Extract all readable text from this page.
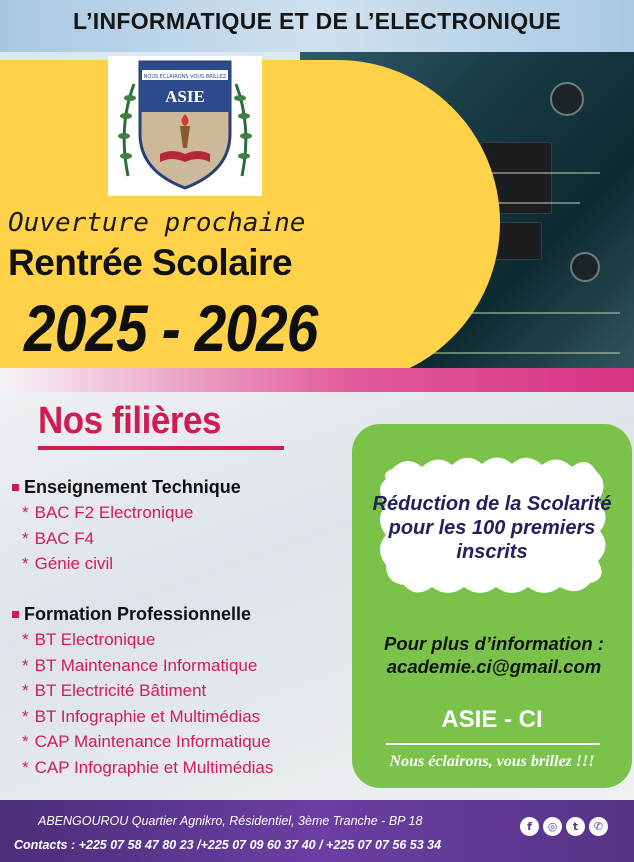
L’INFORMATIQUE ET DE L’ELECTRONIQUE
NOUS ECLAIRONS VOUS BRILLEZ
ASIE
Ouverture prochaine
Rentrée Scolaire
2025 - 2026
Nos filières
Enseignement Technique
* BAC F2 Electronique
* BAC F4
* Génie civil
Formation Professionnelle
* BT Electronique
* BT Maintenance Informatique
* BT Electricité Bâtiment
* BT Infographie et Multimédias
* CAP Maintenance Informatique
* CAP Infographie et Multimédias
Réduction de la Scolarité pour les 100 premiers inscrits
Pour plus d’information :
academie.ci@gmail.com
ASIE - CI
Nous éclairons, vous brillez !!!
ABENGOUROU Quartier Agnikro, Résidentiel, 3ème Tranche - BP 18
Contacts : +225 07 58 47 80 23 /+225 07 09 60 37 40 / +225 07 07 56 53 34
f	◎	t	✆
